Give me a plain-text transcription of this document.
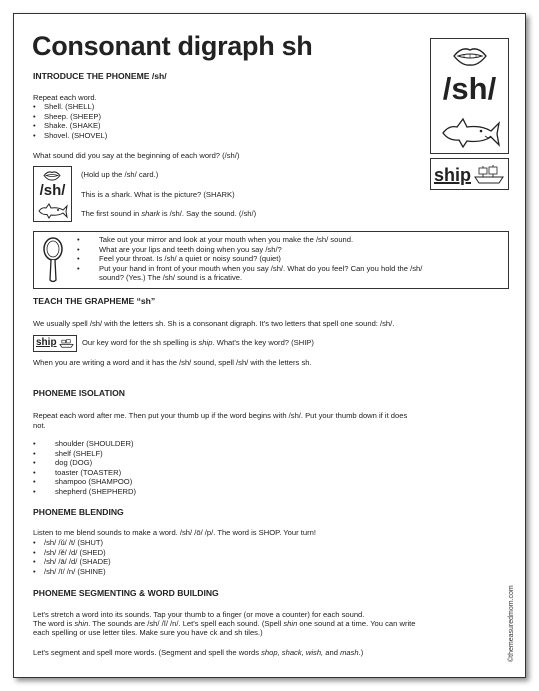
Consonant digraph sh
/sh/
ship
INTRODUCE THE PHONEME /sh/
Repeat each word.
• Shell. (SHELL)
• Sheep. (SHEEP)
• Shake. (SHAKE)
• Shovel. (SHOVEL)
What sound did you say at the beginning of each word? (/sh/)
/sh/
(Hold up the /sh/ card.)
This is a shark. What is the picture? (SHARK)
The first sound in shark is /sh/. Say the sound. (/sh/)
• Take out your mirror and look at your mouth when you make the /sh/ sound.
• What are your lips and teeth doing when you say /sh/?
• Feel your throat. Is /sh/ a quiet or noisy sound? (quiet)
• Put your hand in front of your mouth when you say /sh/. What do you feel? Can you hold the /sh/
sound? (Yes.) The /sh/ sound is a fricative.
TEACH THE GRAPHEME “sh”
We usually spell /sh/ with the letters sh. Sh is a consonant digraph. It's two letters that spell one sound: /sh/.
ship	Our key word for the sh spelling is ship. What's the key word? (SHIP)
When you are writing a word and it has the /sh/ sound, spell /sh/ with the letters sh.
PHONEME ISOLATION
Repeat each word after me. Then put your thumb up if the word begins with /sh/. Put your thumb down if it does
not.
• shoulder (SHOULDER)
• shelf (SHELF)
• dog (DOG)
• toaster (TOASTER)
• shampoo (SHAMPOO)
• shepherd (SHEPHERD)
PHONEME BLENDING
Listen to me blend sounds to make a word. /sh/ /ō/ /p/. The word is SHOP. Your turn!
• /sh/ /ŭ/ /t/ (SHUT)
• /sh/ /ĕ/ /d/ (SHED)
• /sh/ /ā/ /d/ (SHADE)
• /sh/ /ī/ /n/ (SHINE)
PHONEME SEGMENTING & WORD BUILDING
Let's stretch a word into its sounds. Tap your thumb to a finger (or move a counter) for each sound.
The word is shin. The sounds are /sh/ /ĭ/ /n/. Let's spell each sound. (Spell shin one sound at a time. You can write
each spelling or use letter tiles. Make sure you have ck and sh tiles.)
Let's segment and spell more words. (Segment and spell the words shop, shack, wish, and mash.)	©themeasuredmom.com
